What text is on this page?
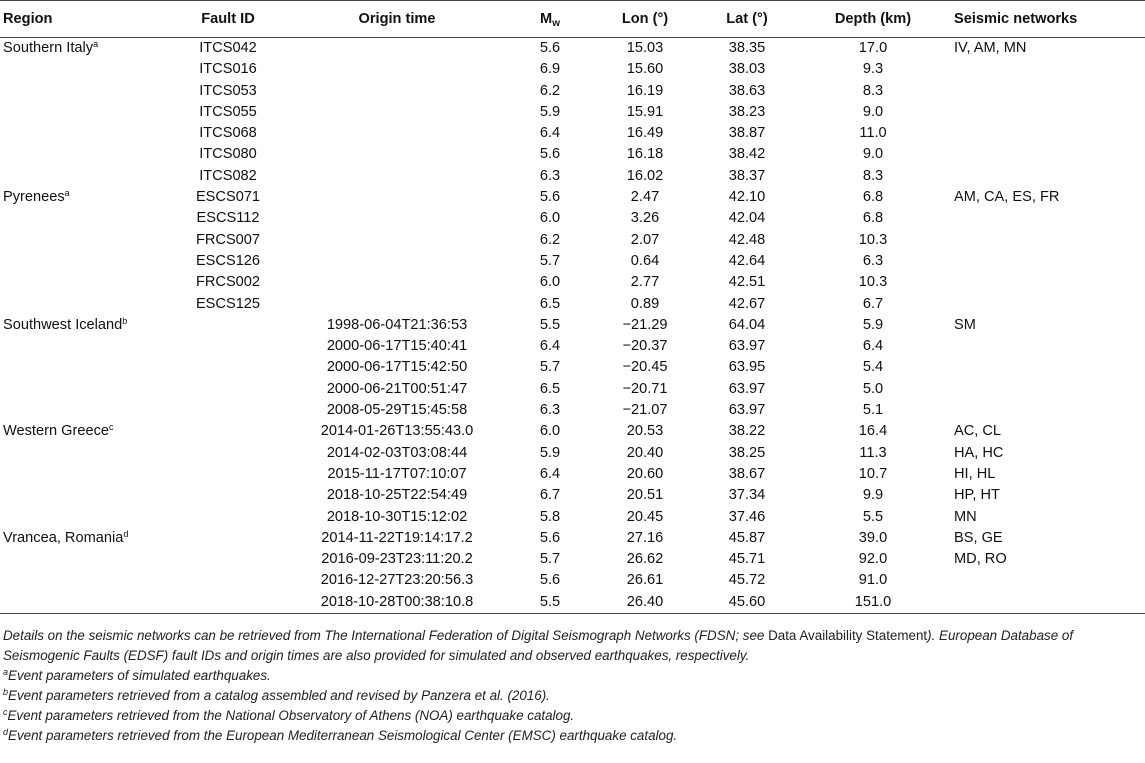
Region	Fault ID	Origin time	$M_w$	Lon (°)	Lat (°)	Depth (km)	Seismic networks
Southern Italy$^a$	ITCS042		5.6	15.03	38.35	17.0	IV, AM, MN
	ITCS016		6.9	15.60	38.03	9.3	
	ITCS053		6.2	16.19	38.63	8.3	
	ITCS055		5.9	15.91	38.23	9.0	
	ITCS068		6.4	16.49	38.87	11.0	
	ITCS080		5.6	16.18	38.42	9.0	
	ITCS082		6.3	16.02	38.37	8.3	
Pyrenees$^a$	ESCS071		5.6	2.47	42.10	6.8	AM, CA, ES, FR
	ESCS112		6.0	3.26	42.04	6.8	
	FRCS007		6.2	2.07	42.48	10.3	
	ESCS126		5.7	0.64	42.64	6.3	
	FRCS002		6.0	2.77	42.51	10.3	
	ESCS125		6.5	0.89	42.67	6.7	
Southwest Iceland$^b$		1998-06-04T21:36:53	5.5	−21.29	64.04	5.9	SM
		2000-06-17T15:40:41	6.4	−20.37	63.97	6.4	
		2000-06-17T15:42:50	5.7	−20.45	63.95	5.4	
		2000-06-21T00:51:47	6.5	−20.71	63.97	5.0	
		2008-05-29T15:45:58	6.3	−21.07	63.97	5.1	
Western Greece$^c$		2014-01-26T13:55:43.0	6.0	20.53	38.22	16.4	AC, CL
		2014-02-03T03:08:44	5.9	20.40	38.25	11.3	HA, HC
		2015-11-17T07:10:07	6.4	20.60	38.67	10.7	HI, HL
		2018-10-25T22:54:49	6.7	20.51	37.34	9.9	HP, HT
		2018-10-30T15:12:02	5.8	20.45	37.46	5.5	MN
Vrancea, Romania$^d$		2014-11-22T19:14:17.2	5.6	27.16	45.87	39.0	BS, GE
		2016-09-23T23:11:20.2	5.7	26.62	45.71	92.0	MD, RO
		2016-12-27T23:20:56.3	5.6	26.61	45.72	91.0	
		2018-10-28T00:38:10.8	5.5	26.40	45.60	151.0	

Details on the seismic networks can be retrieved from The International Federation of Digital Seismograph Networks (FDSN; see Data Availability Statement). European Database of Seismogenic Faults (EDSF) fault IDs and origin times are also provided for simulated and observed earthquakes, respectively.

$^a$Event parameters of simulated earthquakes.

$^b$Event parameters retrieved from a catalog assembled and revised by Panzera et al. (2016).

$^c$Event parameters retrieved from the National Observatory of Athens (NOA) earthquake catalog.

$^d$Event parameters retrieved from the European Mediterranean Seismological Center (EMSC) earthquake catalog.
